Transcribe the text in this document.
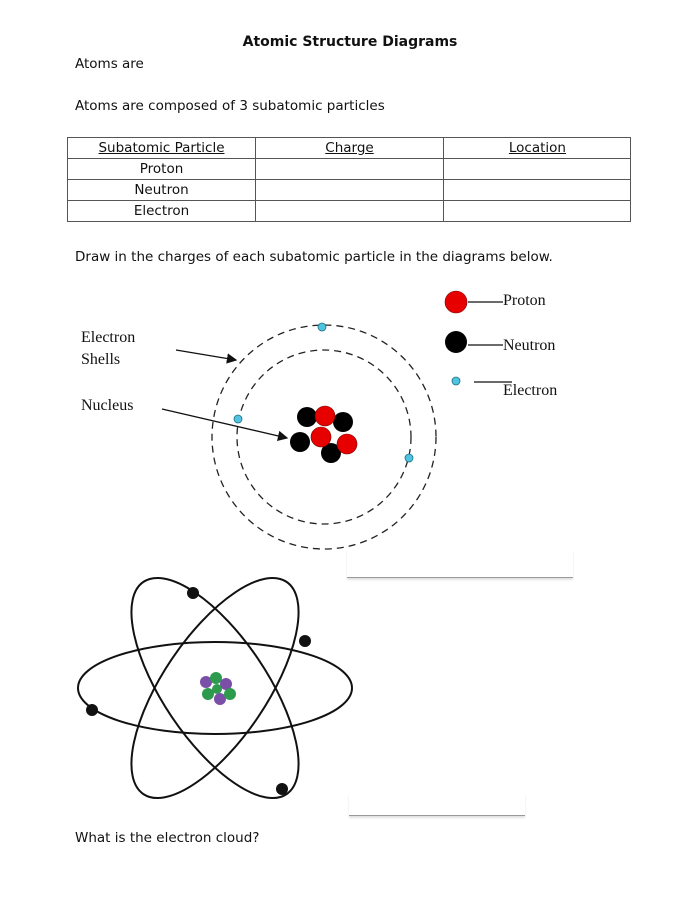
Atomic Structure Diagrams
Atoms are
Atoms are composed of 3 subatomic particles
Subatomic Particle	Charge	Location
Proton		
Neutron		
Electron		
Draw in the charges of each subatomic particle in the diagrams below.
Electron
Shells
Nucleus
Proton
Neutron
Electron
What is the electron cloud?
